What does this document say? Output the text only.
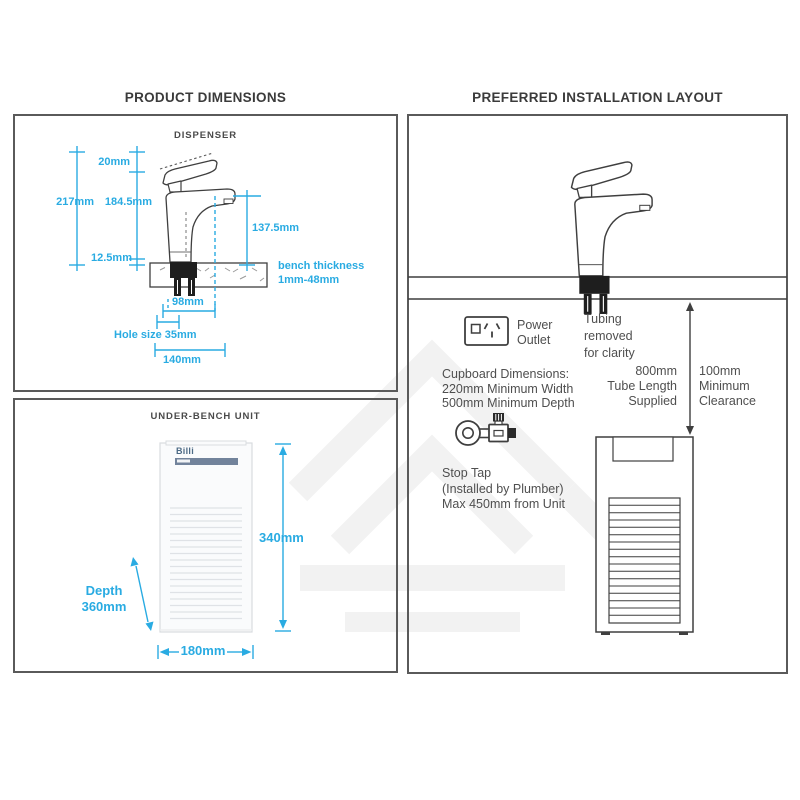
PRODUCT DIMENSIONS	PREFERRED INSTALLATION LAYOUT
DISPENSER
20mm
217mm 184.5mm
137.5mm
12.5mm
bench thickness
1mm-48mm
98mm
Hole size 35mm
140mm
UNDER-BENCH UNIT
Billi
340mm
Depth
360mm
180mm
Power
Outlet
Tubing
removed
for clarity
Cupboard Dimensions:
220mm Minimum Width
500mm Minimum Depth
800mm
Tube Length
Supplied
100mm
Minimum
Clearance
Stop Tap
(Installed by Plumber)
Max 450mm from Unit
